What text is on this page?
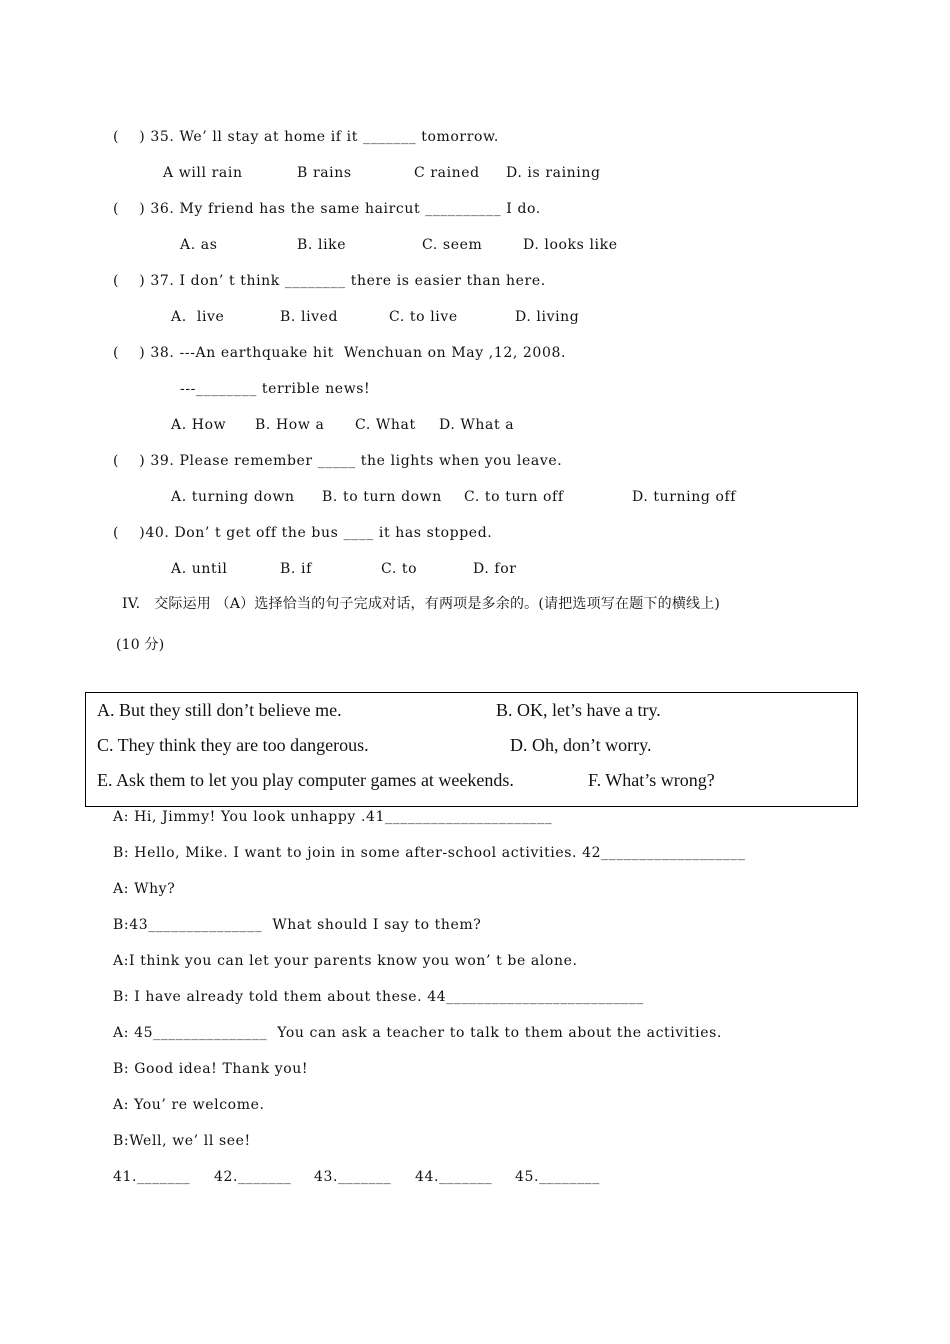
(    ) 35. We’ ll stay at home if it _______ tomorrow.
A will rain	B rains	C rained D. is raining
(    ) 36. My friend has the same haircut __________ I do.
A. as	B. like	C. seem	D. looks like
(    ) 37. I don’ t think ________ there is easier than here.
A.  live	B. lived	C. to live	D. living
(    ) 38. ---An earthquake hit  Wenchuan on May ,12, 2008.
---________ terrible news!
A. How B. How a C. What D. What a
(    ) 39. Please remember _____ the lights when you leave.
A. turning down B. to turn down C. to turn off	D. turning off
(    )40. Don’ t get off the bus ____ it has stopped.
A. until	B. if	C. to	D. for
IV.   交际运用 （A）选择恰当的句子完成对话，有两项是多余的。(请把选项写在题下的横线上)
(10 分)
A. But they still don’t believe me.	B. OK, let’s have a try.
C. They think they are too dangerous.	D. Oh, don’t worry.
E. Ask them to let you play computer games at weekends.	F. What’s wrong?
A: Hi, Jimmy! You look unhappy .41______________________
B: Hello, Mike. I want to join in some after-school activities. 42___________________
A: Why?
B:43_______________  What should I say to them?
A:I think you can let your parents know you won’ t be alone.
B: I have already told them about these. 44__________________________
A: 45_______________  You can ask a teacher to talk to them about the activities.
B: Good idea! Thank you!
A: You’ re welcome.
B:Well, we’ ll see!
41._______ 42._______ 43._______ 44._______ 45.________
